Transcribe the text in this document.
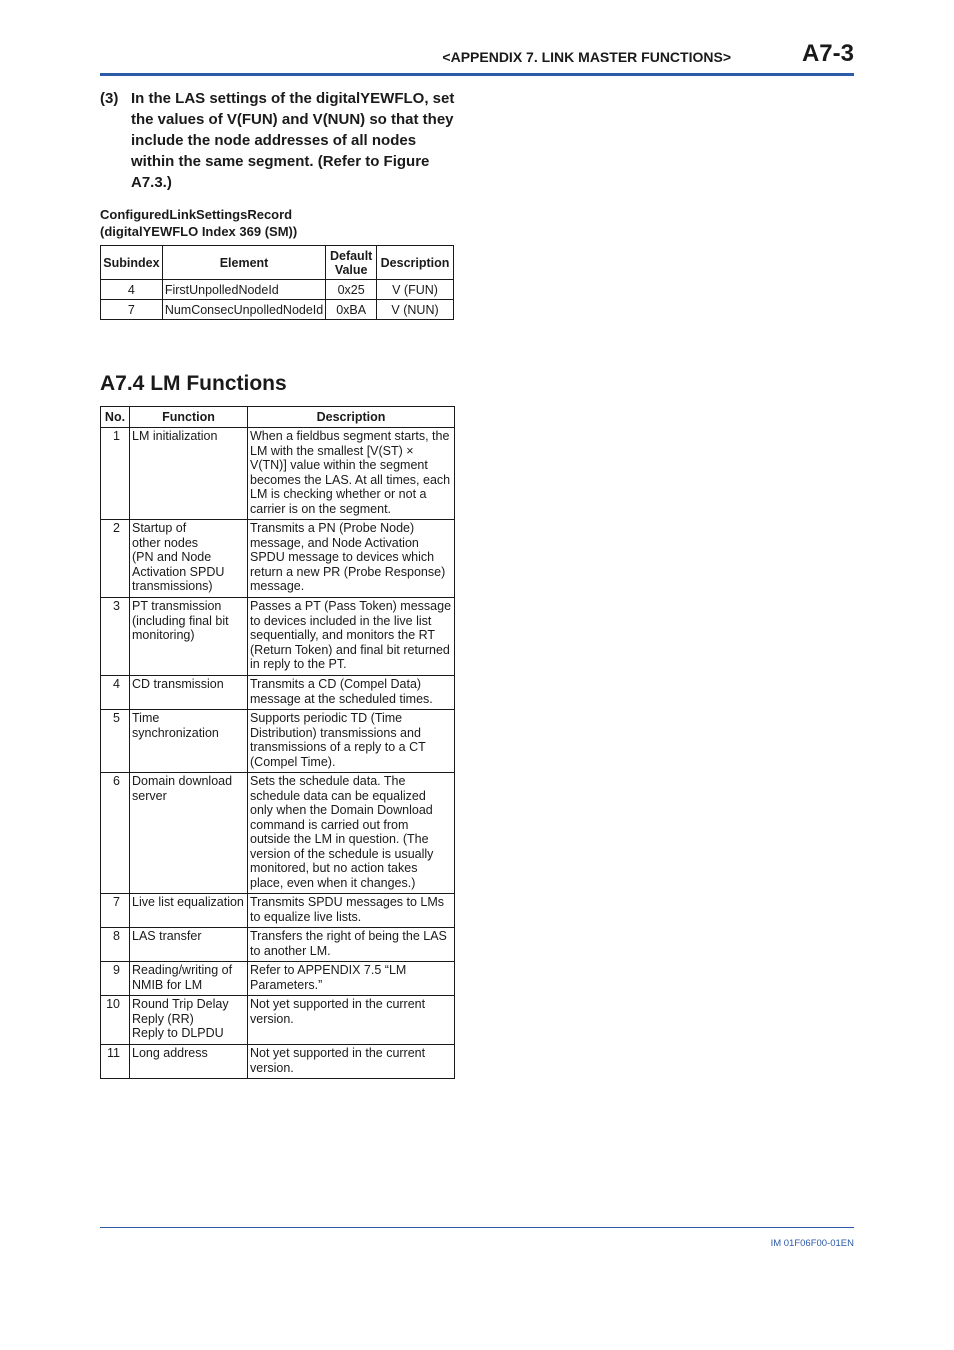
<APPENDIX 7. LINK MASTER FUNCTIONS>	A7-3
(3) In the LAS settings of the digitalYEWFLO, set the values of V(FUN) and V(NUN) so that they include the node addresses of all nodes within the same segment. (Refer to Figure A7.3.)
ConfiguredLinkSettingsRecord
(digitalYEWFLO Index 369 (SM))
Subindex	Element	Default Value	Description
4	FirstUnpolledNodeId	0x25	V (FUN)
7	NumConsecUnpolledNodeId	0xBA	V (NUN)
A7.4 LM Functions
No.	Function	Description
1	LM initialization	When a fieldbus segment starts, the LM with the smallest [V(ST) × V(TN)] value within the segment becomes the LAS. At all times, each LM is checking whether or not a carrier is on the segment.
2	Startup of
other nodes
(PN and Node
Activation SPDU
transmissions)	Transmits a PN (Probe Node) message, and Node Activation SPDU message to devices which return a new PR (Probe Response) message.
3	PT transmission (including final bit monitoring)	Passes a PT (Pass Token) message to devices included in the live list sequentially, and monitors the RT (Return Token) and final bit returned in reply to the PT.
4	CD transmission	Transmits a CD (Compel Data) message at the scheduled times.
5	Time
synchronization	Supports periodic TD (Time Distribution) transmissions and transmissions of a reply to a CT (Compel Time).
6	Domain download server	Sets the schedule data. The schedule data can be equalized only when the Domain Download command is carried out from outside the LM in question. (The version of the schedule is usually monitored, but no action takes place, even when it changes.)
7	Live list equalization	Transmits SPDU messages to LMs to equalize live lists.
8	LAS transfer	Transfers the right of being the LAS to another LM.
9	Reading/writing of NMIB for LM	Refer to APPENDIX 7.5 “LM Parameters.”
10	Round Trip Delay
Reply (RR)
Reply to DLPDU	Not yet supported in the current version.
11	Long address	Not yet supported in the current version.
IM 01F06F00-01EN
